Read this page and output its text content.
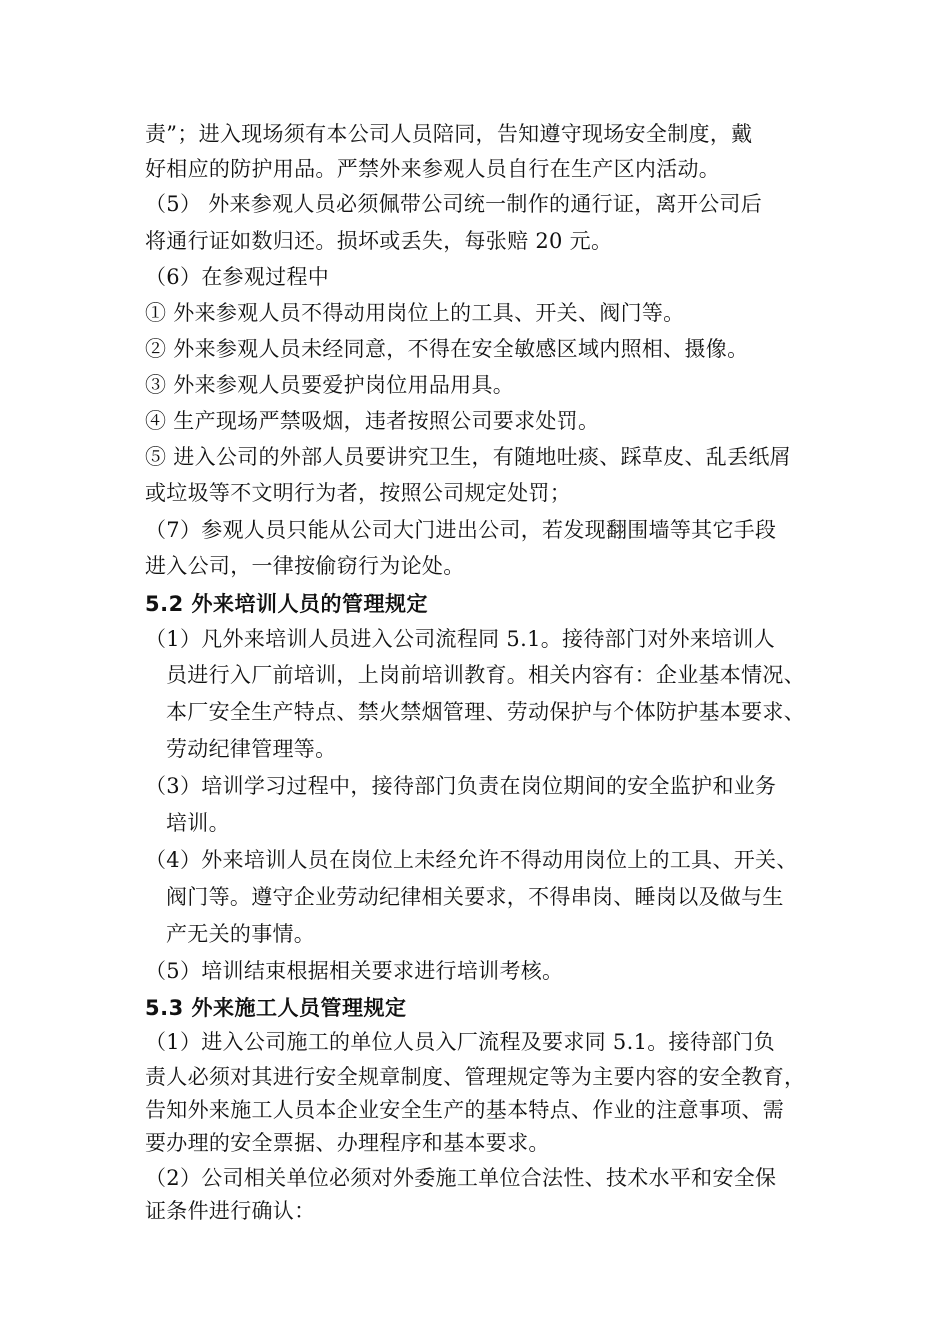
责”；进入现场须有本公司人员陪同，告知遵守现场安全制度，戴
好相应的防护用品。严禁外来参观人员自行在生产区内活动。
（5） 外来参观人员必须佩带公司统一制作的通行证，离开公司后
将通行证如数归还。损坏或丢失，每张赔 20 元。
（6）在参观过程中
① 外来参观人员不得动用岗位上的工具、开关、阀门等。
② 外来参观人员未经同意，不得在安全敏感区域内照相、摄像。
③ 外来参观人员要爱护岗位用品用具。
④ 生产现场严禁吸烟，违者按照公司要求处罚。
⑤ 进入公司的外部人员要讲究卫生，有随地吐痰、踩草皮、乱丢纸屑
或垃圾等不文明行为者，按照公司规定处罚；
（7）参观人员只能从公司大门进出公司，若发现翻围墙等其它手段
进入公司，一律按偷窃行为论处。
5.2 外来培训人员的管理规定
（1）凡外来培训人员进入公司流程同 5.1。接待部门对外来培训人
员进行入厂前培训，上岗前培训教育。相关内容有：企业基本情况、
本厂安全生产特点、禁火禁烟管理、劳动保护与个体防护基本要求、
劳动纪律管理等。
（3）培训学习过程中，接待部门负责在岗位期间的安全监护和业务
培训。
（4）外来培训人员在岗位上未经允许不得动用岗位上的工具、开关、
阀门等。遵守企业劳动纪律相关要求，不得串岗、睡岗以及做与生
产无关的事情。
（5）培训结束根据相关要求进行培训考核。
5.3 外来施工人员管理规定
（1）进入公司施工的单位人员入厂流程及要求同 5.1。接待部门负
责人必须对其进行安全规章制度、管理规定等为主要内容的安全教育，
告知外来施工人员本企业安全生产的基本特点、作业的注意事项、需
要办理的安全票据、办理程序和基本要求。
（2）公司相关单位必须对外委施工单位合法性、技术水平和安全保
证条件进行确认：
